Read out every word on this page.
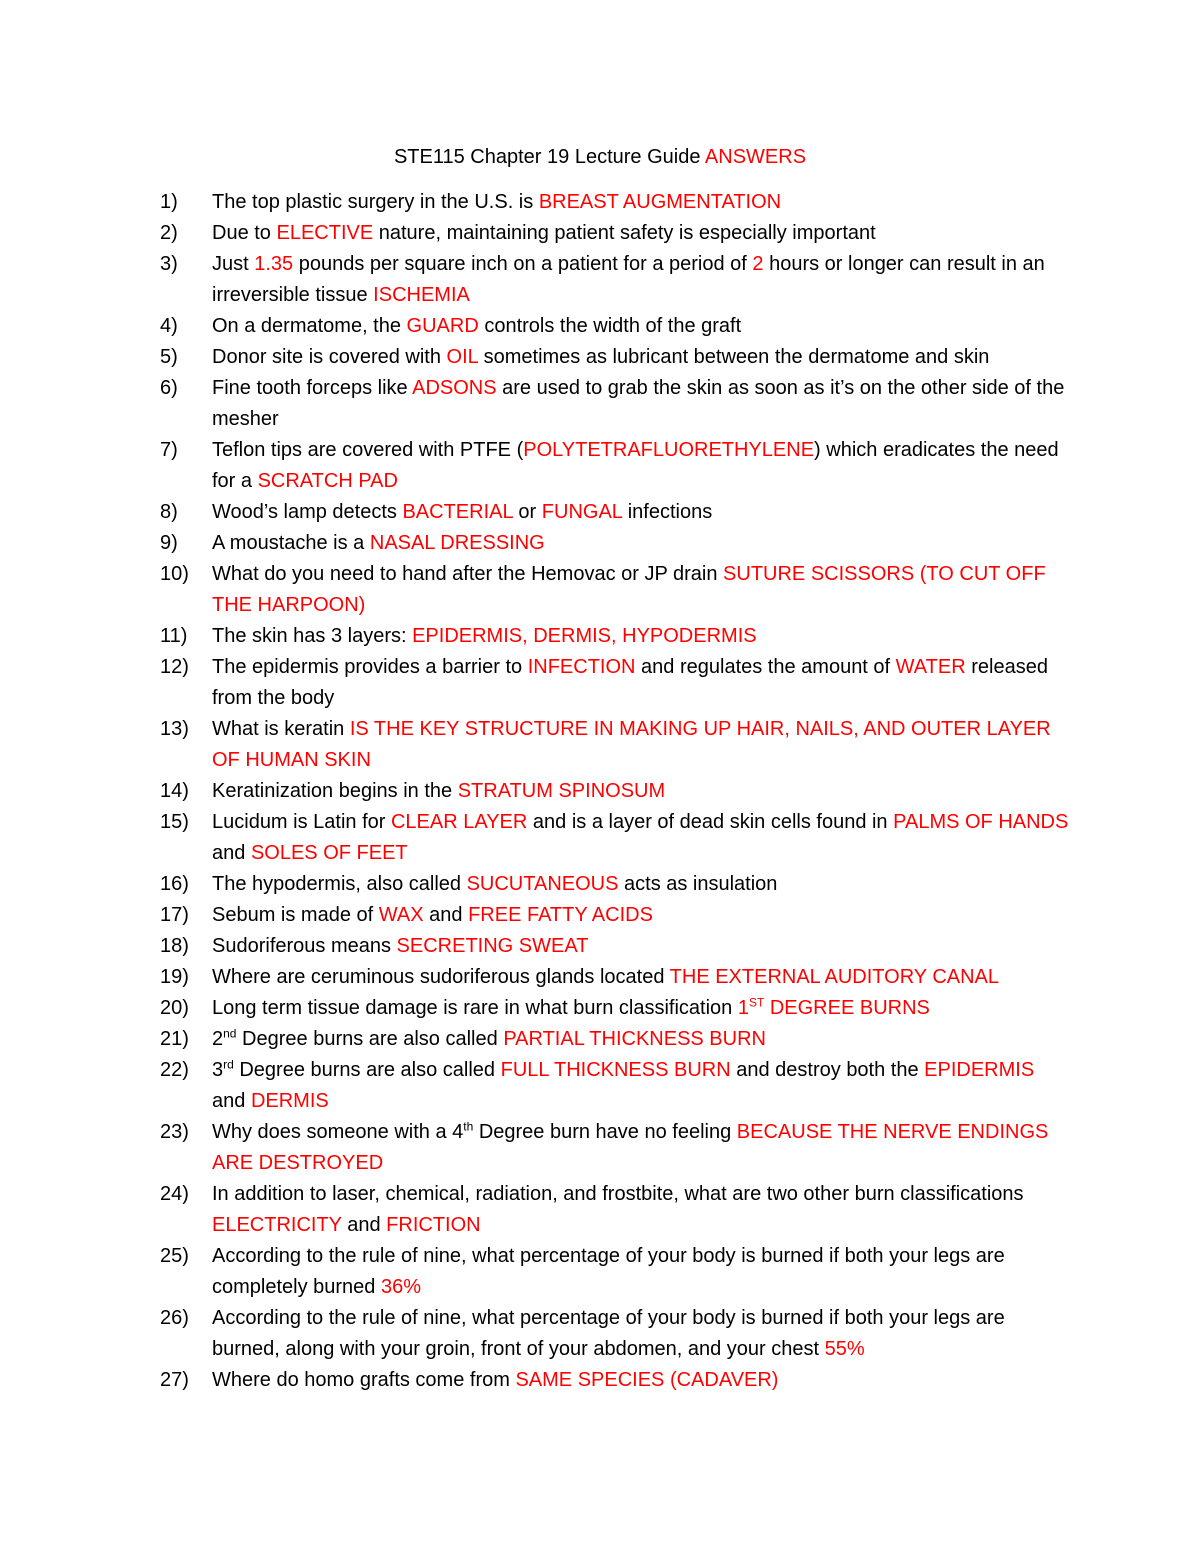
STE115 Chapter 19 Lecture Guide ANSWERS
1) The top plastic surgery in the U.S. is BREAST AUGMENTATION
2) Due to ELECTIVE nature, maintaining patient safety is especially important
3) Just 1.35 pounds per square inch on a patient for a period of 2 hours or longer can result in an irreversible tissue ISCHEMIA
4) On a dermatome, the GUARD controls the width of the graft
5) Donor site is covered with OIL sometimes as lubricant between the dermatome and skin
6) Fine tooth forceps like ADSONS are used to grab the skin as soon as it’s on the other side of the mesher
7) Teflon tips are covered with PTFE (POLYTETRAFLUORETHYLENE) which eradicates the need for a SCRATCH PAD
8) Wood’s lamp detects BACTERIAL or FUNGAL infections
9) A moustache is a NASAL DRESSING
10) What do you need to hand after the Hemovac or JP drain SUTURE SCISSORS (TO CUT OFF THE HARPOON)
11) The skin has 3 layers: EPIDERMIS, DERMIS, HYPODERMIS
12) The epidermis provides a barrier to INFECTION and regulates the amount of WATER released from the body
13) What is keratin IS THE KEY STRUCTURE IN MAKING UP HAIR, NAILS, AND OUTER LAYER OF HUMAN SKIN
14) Keratinization begins in the STRATUM SPINOSUM
15) Lucidum is Latin for CLEAR LAYER and is a layer of dead skin cells found in PALMS OF HANDS and SOLES OF FEET
16) The hypodermis, also called SUCUTANEOUS acts as insulation
17) Sebum is made of WAX and FREE FATTY ACIDS
18) Sudoriferous means SECRETING SWEAT
19) Where are ceruminous sudoriferous glands located THE EXTERNAL AUDITORY CANAL
20) Long term tissue damage is rare in what burn classification 1ST DEGREE BURNS
21) 2nd Degree burns are also called PARTIAL THICKNESS BURN
22) 3rd Degree burns are also called FULL THICKNESS BURN and destroy both the EPIDERMIS and DERMIS
23) Why does someone with a 4th Degree burn have no feeling BECAUSE THE NERVE ENDINGS ARE DESTROYED
24) In addition to laser, chemical, radiation, and frostbite, what are two other burn classifications ELECTRICITY and FRICTION
25) According to the rule of nine, what percentage of your body is burned if both your legs are completely burned 36%
26) According to the rule of nine, what percentage of your body is burned if both your legs are burned, along with your groin, front of your abdomen, and your chest 55%
27) Where do homo grafts come from SAME SPECIES (CADAVER)
